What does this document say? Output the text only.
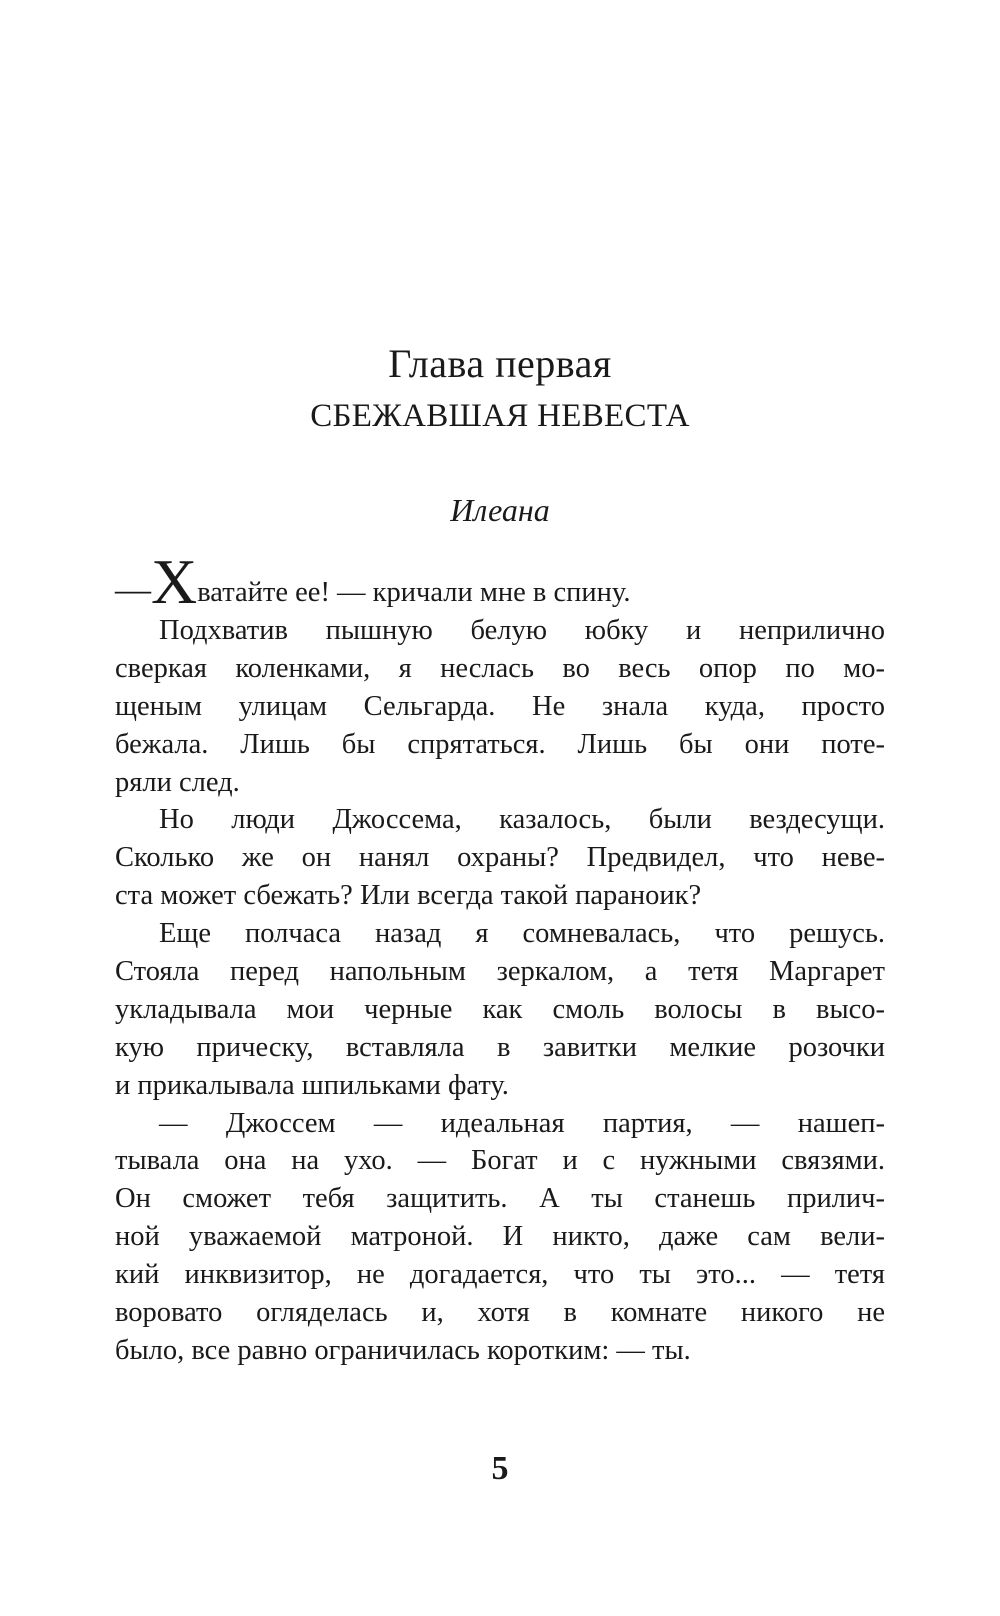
Глава первая
СБЕЖАВШАЯ НЕВЕСТА
Илеана
—Хватайте ее! — кричали мне в спину.
Подхватив пышную белую юбку и неприлично
сверкая коленками, я неслась во весь опор по мо-
щеным улицам Сельгарда. Не знала куда, просто
бежала. Лишь бы спрятаться. Лишь бы они поте-
ряли след.
Но люди Джоссема, казалось, были вездесущи.
Сколько же он нанял охраны? Предвидел, что неве-
ста может сбежать? Или всегда такой параноик?
Еще полчаса назад я сомневалась, что решусь.
Стояла перед напольным зеркалом, а тетя Маргарет
укладывала мои черные как смоль волосы в высо-
кую прическу, вставляла в завитки мелкие розочки
и прикалывала шпильками фату.
— Джоссем — идеальная партия, — нашеп-
тывала она на ухо. — Богат и с нужными связями.
Он сможет тебя защитить. А ты станешь прилич-
ной уважаемой матроной. И никто, даже сам вели-
кий инквизитор, не догадается, что ты это... — тетя
воровато огляделась и, хотя в комнате никого не
было, все равно ограничилась коротким: — ты.
5
